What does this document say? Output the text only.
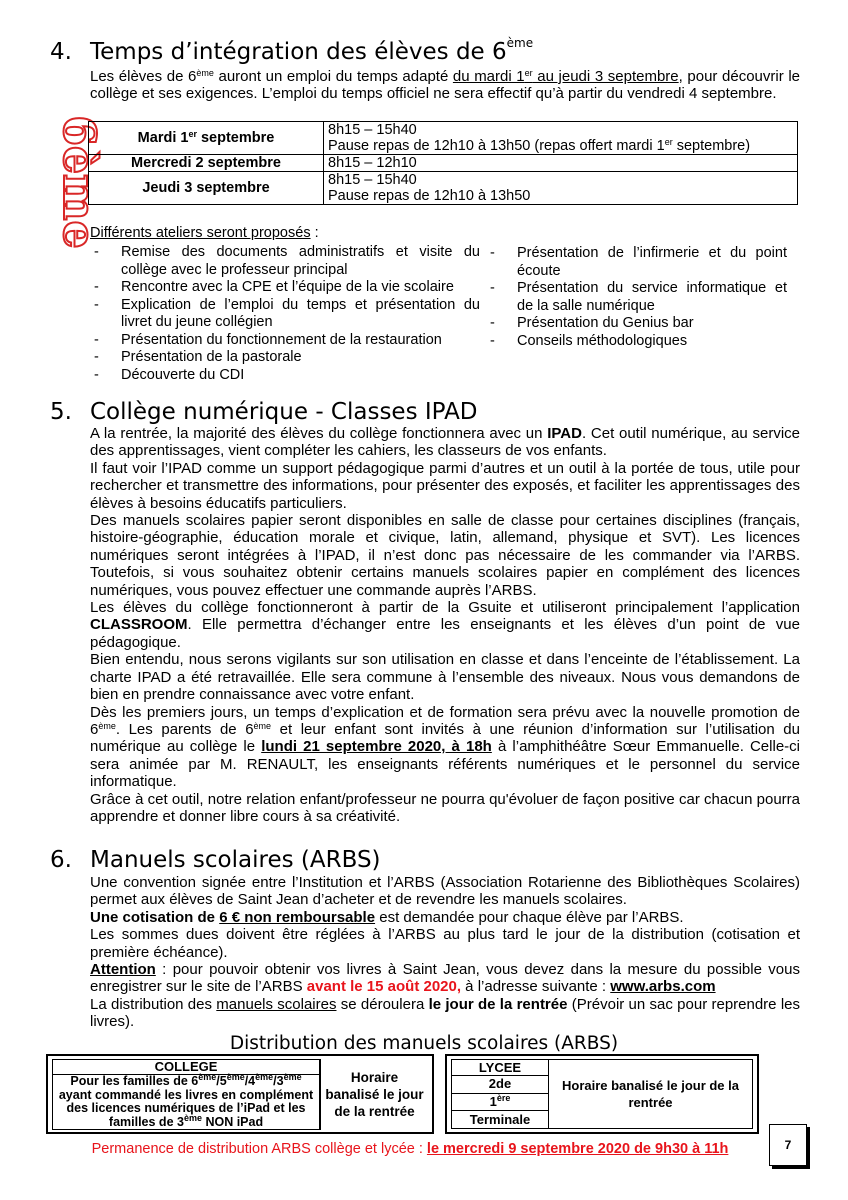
6ème
4. Temps d’intégration des élèves de 6ème

Les élèves de 6ème auront un emploi du temps adapté du mardi 1er au jeudi 3 septembre, pour découvrir le collège et ses exigences. L’emploi du temps officiel ne sera effectif qu’à partir du vendredi 4 septembre.

Mardi 1er septembre	8h15 – 15h40
Pause repas de 12h10 à 13h50 (repas offert mardi 1er septembre)

Mercredi 2 septembre	8h15 – 12h10

Jeudi 3 septembre	8h15 – 15h40
Pause repas de 12h10 à 13h50
Différents ateliers seront proposés :
- Remise des documents administratifs et visite du collège avec le professeur principal
- Rencontre avec la CPE et l’équipe de la vie scolaire
- Explication de l’emploi du temps et présentation du livret du jeune collégien
- Présentation du fonctionnement de la restauration
- Présentation de la pastorale
- Découverte du CDI
- Présentation de l’infirmerie et du point écoute
- Présentation du service informatique et de la salle numérique
- Présentation du Genius bar
- Conseils méthodologiques
5. Collège numérique - Classes IPAD

A la rentrée, la majorité des élèves du collège fonctionnera avec un IPAD. Cet outil numérique, au service des apprentissages, vient compléter les cahiers, les classeurs de vos enfants.

Il faut voir l’IPAD comme un support pédagogique parmi d’autres et un outil à la portée de tous, utile pour rechercher et transmettre des informations, pour présenter des exposés, et faciliter les apprentissages des élèves à besoins éducatifs particuliers.

Des manuels scolaires papier seront disponibles en salle de classe pour certaines disciplines (français, histoire-géographie, éducation morale et civique, latin, allemand, physique et SVT). Les licences numériques seront intégrées à l’IPAD, il n’est donc pas nécessaire de les commander via l’ARBS. Toutefois, si vous souhaitez obtenir certains manuels scolaires papier en complément des licences numériques, vous pouvez effectuer une commande auprès l’ARBS.

Les élèves du collège fonctionneront à partir de la Gsuite et utiliseront principalement l’application CLASSROOM. Elle permettra d’échanger entre les enseignants et les élèves d’un point de vue pédagogique.

Bien entendu, nous serons vigilants sur son utilisation en classe et dans l’enceinte de l’établissement. La charte IPAD a été retravaillée. Elle sera commune à l’ensemble des niveaux. Nous vous demandons de bien en prendre connaissance avec votre enfant.

Dès les premiers jours, un temps d’explication et de formation sera prévu avec la nouvelle promotion de 6ème. Les parents de 6ème et leur enfant sont invités à une réunion d’information sur l’utilisation du numérique au collège le lundi 21 septembre 2020, à 18h à l’amphithéâtre Sœur Emmanuelle. Celle-ci sera animée par M. RENAULT, les enseignants référents numériques et le personnel du service informatique.

Grâce à cet outil, notre relation enfant/professeur ne pourra qu'évoluer de façon positive car chacun pourra apprendre et donner libre cours à sa créativité.

6. Manuels scolaires (ARBS)

Une convention signée entre l’Institution et l’ARBS (Association Rotarienne des Bibliothèques Scolaires) permet aux élèves de Saint Jean d’acheter et de revendre les manuels scolaires.

Une cotisation de 6 € non remboursable est demandée pour chaque élève par l’ARBS.

Les sommes dues doivent être réglées à l’ARBS au plus tard le jour de la distribution (cotisation et première échéance).

Attention : pour pouvoir obtenir vos livres à Saint Jean, vous devez dans la mesure du possible vous enregistrer sur le site de l’ARBS avant le 15 août 2020, à l’adresse suivante : www.arbs.com

La distribution des manuels scolaires se déroulera le jour de la rentrée (Prévoir un sac pour reprendre les livres).

Distribution des manuels scolaires (ARBS)
COLLEGE	Horaire banalisé le jour de la rentrée
Pour les familles de 6ème/5ème/4ème/3ème ayant commandé les livres en complément des licences numériques de l’iPad et les familles de 3ème NON iPad
LYCEE	Horaire banalisé le jour de la rentrée
2de
1ère
Terminale
Permanence de distribution ARBS collège et lycée : le mercredi 9 septembre 2020 de 9h30 à 11h	7
